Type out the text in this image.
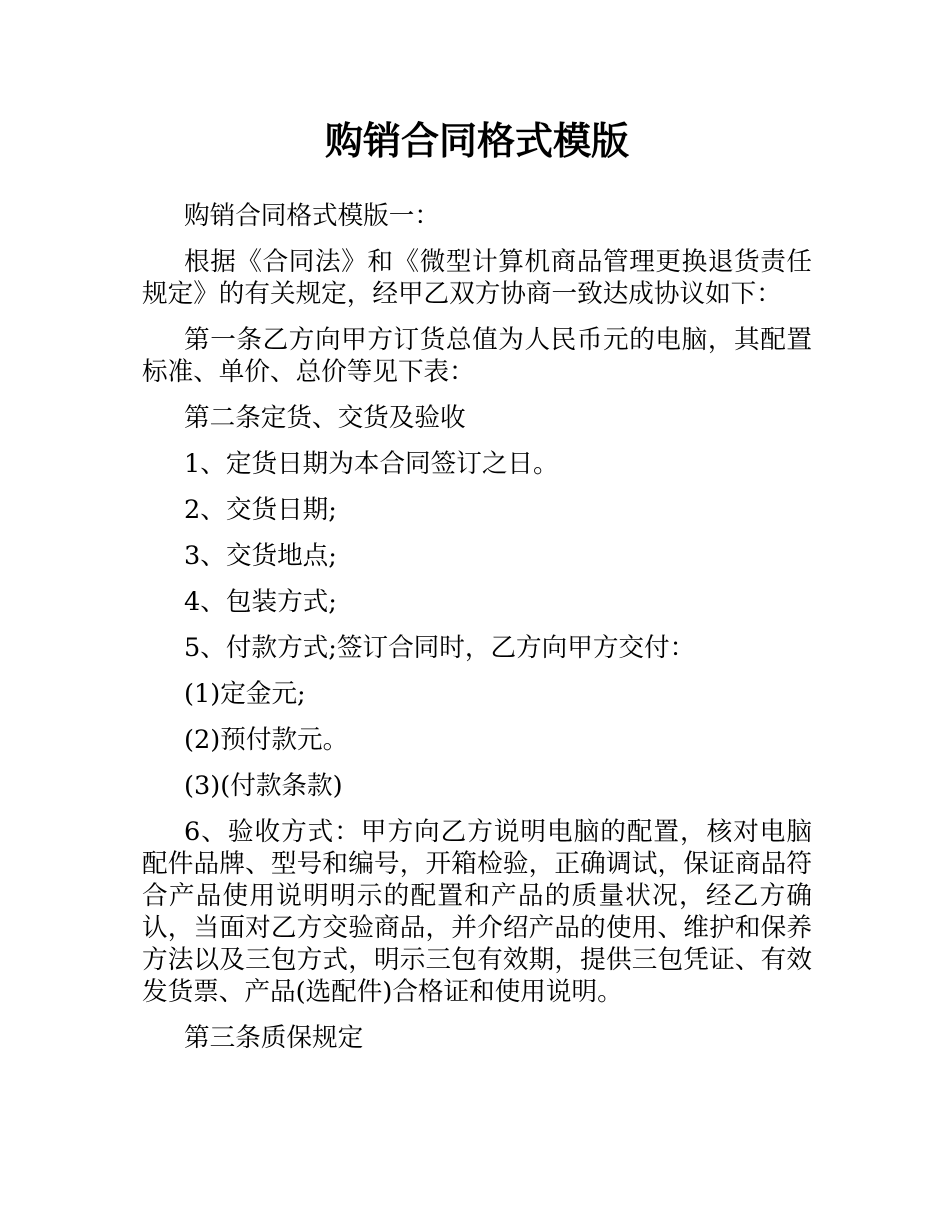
购销合同格式模版

购销合同格式模版一：

根据《合同法》和《微型计算机商品管理更换退货责任规定》的有关规定，经甲乙双方协商一致达成协议如下：

第一条乙方向甲方订货总值为人民币元的电脑，其配置标准、单价、总价等见下表：

第二条定货、交货及验收

1、定货日期为本合同签订之日。

2、交货日期;

3、交货地点;

4、包装方式;

5、付款方式;签订合同时，乙方向甲方交付：

(1)定金元;

(2)预付款元。

(3)(付款条款)

6、验收方式：甲方向乙方说明电脑的配置，核对电脑配件品牌、型号和编号，开箱检验，正确调试，保证商品符合产品使用说明明示的配置和产品的质量状况，经乙方确认，当面对乙方交验商品，并介绍产品的使用、维护和保养方法以及三包方式，明示三包有效期，提供三包凭证、有效发货票、产品(选配件)合格证和使用说明。

第三条质保规定
